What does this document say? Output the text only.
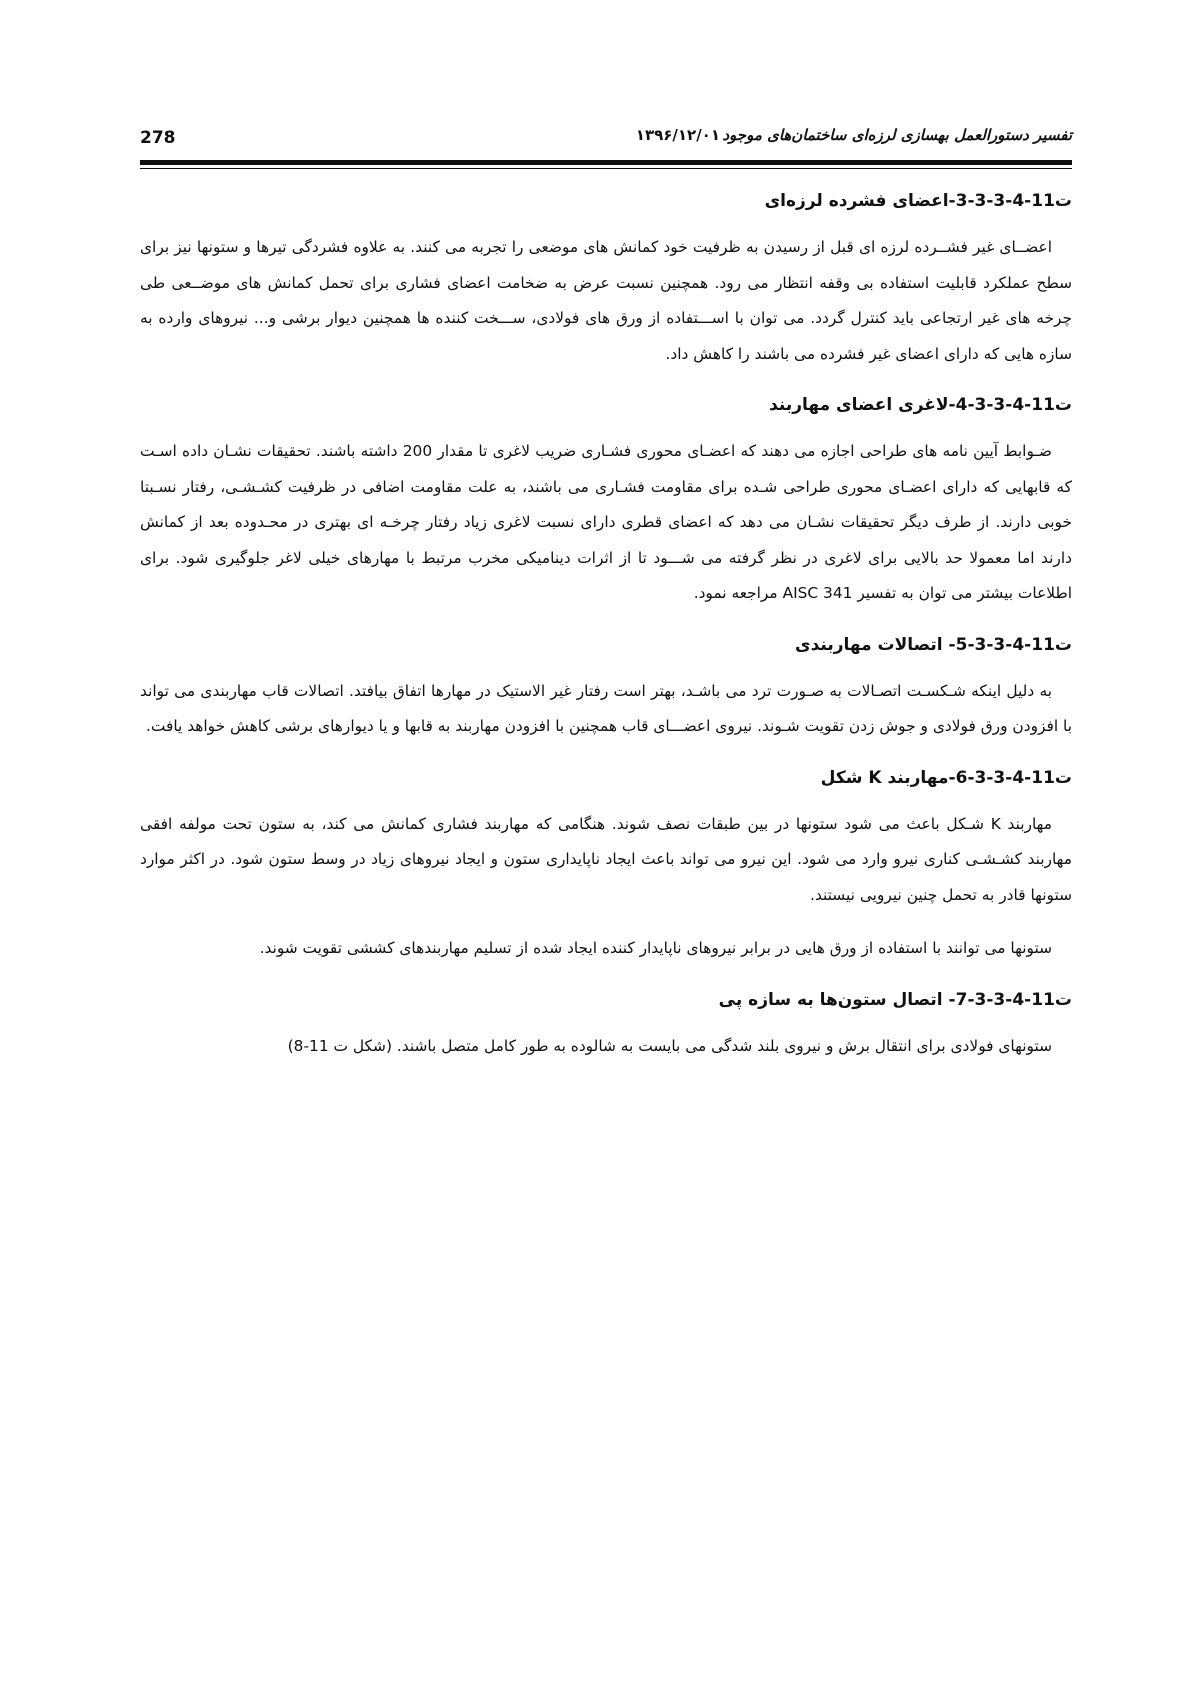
278	۱۳۹۶/۱۲/۰۱ تفسیر دستورالعمل بهسازی لرزه‌ای ساختمان‌های موجود
ت11-4-3-3-3-اعضای فشرده لرزه‌ای

اعضــای غیر فشــرده لرزه ای قبل از رسیدن به ظرفیت خود کمانش های موضعی را تجربه می کنند. به علاوه فشردگی تیرها و ستونها نیز برای سطح عملکرد قابلیت استفاده بی وقفه انتظار می رود. همچنین نسبت عرض به ضخامت اعضای فشاری برای تحمل کمانش های موضــعی طی چرخه های غیر ارتجاعی باید کنترل گردد. می توان با اســـتفاده از ورق های فولادی، ســـخت کننده ها همچنین دیوار برشی و... نیروهای وارده به سازه هایی که دارای اعضای غیر فشرده می باشند را کاهش داد.

ت11-4-3-3-4-لاغری اعضای مهاربند

ضـوابط آیین نامه های طراحی اجازه می دهند که اعضـای محوری فشـاری ضریب لاغری تا مقدار 200 داشته باشند. تحقیقات نشـان داده اسـت که قابهایی که دارای اعضـای محوری طراحی شـده برای مقاومت فشـاری می باشند، به علت مقاومت اضافی در ظرفیت کشـشـی، رفتار نسـبتا خوبی دارند. از طرف دیگر تحقیقات نشـان می دهد که اعضای قطری دارای نسبت لاغری زیاد رفتار چرخـه ای بهتری در محـدوده بعد از کمانش دارند اما معمولا حد بالایی برای لاغری در نظر گرفته می شـــود تا از اثرات دینامیکی مخرب مرتبط با مهارهای خیلی لاغر جلوگیری شود. برای اطلاعات بیشتر می توان به تفسیر AISC 341 مراجعه نمود.

ت11-4-3-3-5- اتصالات مهاربندی

به دلیل اینکه شـکسـت اتصـالات به صـورت ترد می باشـد، بهتر است رفتار غیر الاستیک در مهارها اتفاق بیافتد. اتصالات قاب مهاربندی می تواند با افزودن ورق فولادی و جوش زدن تقویت شـوند. نیروی اعضـــای قاب همچنین با افزودن مهاربند به قابها و یا دیوارهای برشی کاهش خواهد یافت.

ت11-4-3-3-6-مهاربند K شکل

مهاربند K شـکل باعث می شود ستونها در بین طبقات نصف شوند. هنگامی که مهاربند فشاری کمانش می کند، به ستون تحت مولفه افقی مهاربند کشـشـی کناری نیرو وارد می شود. این نیرو می تواند باعث ایجاد ناپایداری ستون و ایجاد نیروهای زیاد در وسط ستون شود. در اکثر موارد ستونها قادر به تحمل چنین نیرویی نیستند.

ستونها می توانند با استفاده از ورق هایی در برابر نیروهای ناپایدار کننده ایجاد شده از تسلیم مهاربندهای کششی تقویت شوند.

ت11-4-3-3-7- اتصال ستون‌ها به سازه پی

ستونهای فولادی برای انتقال برش و نیروی بلند شدگی می بایست به شالوده به طور کامل متصل باشند. (شکل ت 11-8)
